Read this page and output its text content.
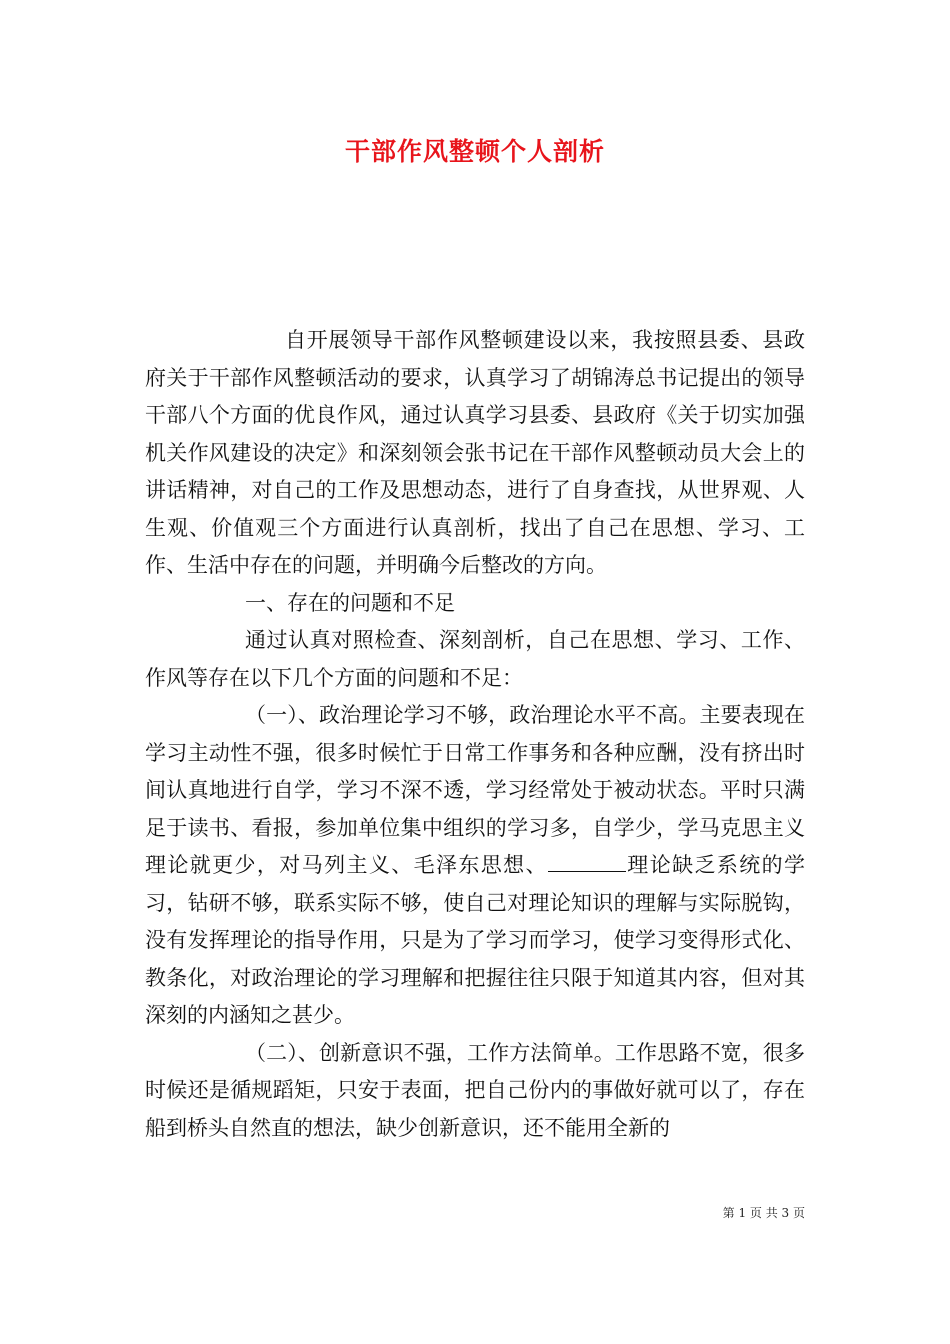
干部作风整顿个人剖析

自开展领导干部作风整顿建设以来，我按照县委、县政府关于干部作风整顿活动的要求，认真学习了胡锦涛总书记提出的领导干部八个方面的优良作风，通过认真学习县委、县政府《关于切实加强机关作风建设的决定》和深刻领会张书记在干部作风整顿动员大会上的讲话精神，对自己的工作及思想动态，进行了自身查找，从世界观、人生观、价值观三个方面进行认真剖析，找出了自己在思想、学习、工作、生活中存在的问题，并明确今后整改的方向。

一、存在的问题和不足

通过认真对照检查、深刻剖析，自己在思想、学习、工作、作风等存在以下几个方面的问题和不足：

（一）、政治理论学习不够，政治理论水平不高。主要表现在学习主动性不强，很多时候忙于日常工作事务和各种应酬，没有挤出时间认真地进行自学，学习不深不透，学习经常处于被动状态。平时只满足于读书、看报，参加单位集中组织的学习多，自学少，学马克思主义理论就更少，对马列主义、毛泽东思想、	理论缺乏系统的学习，钻研不够，联系实际不够，使自己对理论知识的理解与实际脱钩，没有发挥理论的指导作用，只是为了学习而学习，使学习变得形式化、教条化，对政治理论的学习理解和把握往往只限于知道其内容，但对其深刻的内涵知之甚少。

（二）、创新意识不强，工作方法简单。工作思路不宽，很多时候还是循规蹈矩，只安于表面，把自己份内的事做好就可以了，存在船到桥头自然直的想法，缺少创新意识，还不能用全新的

第 1 页 共 3 页
